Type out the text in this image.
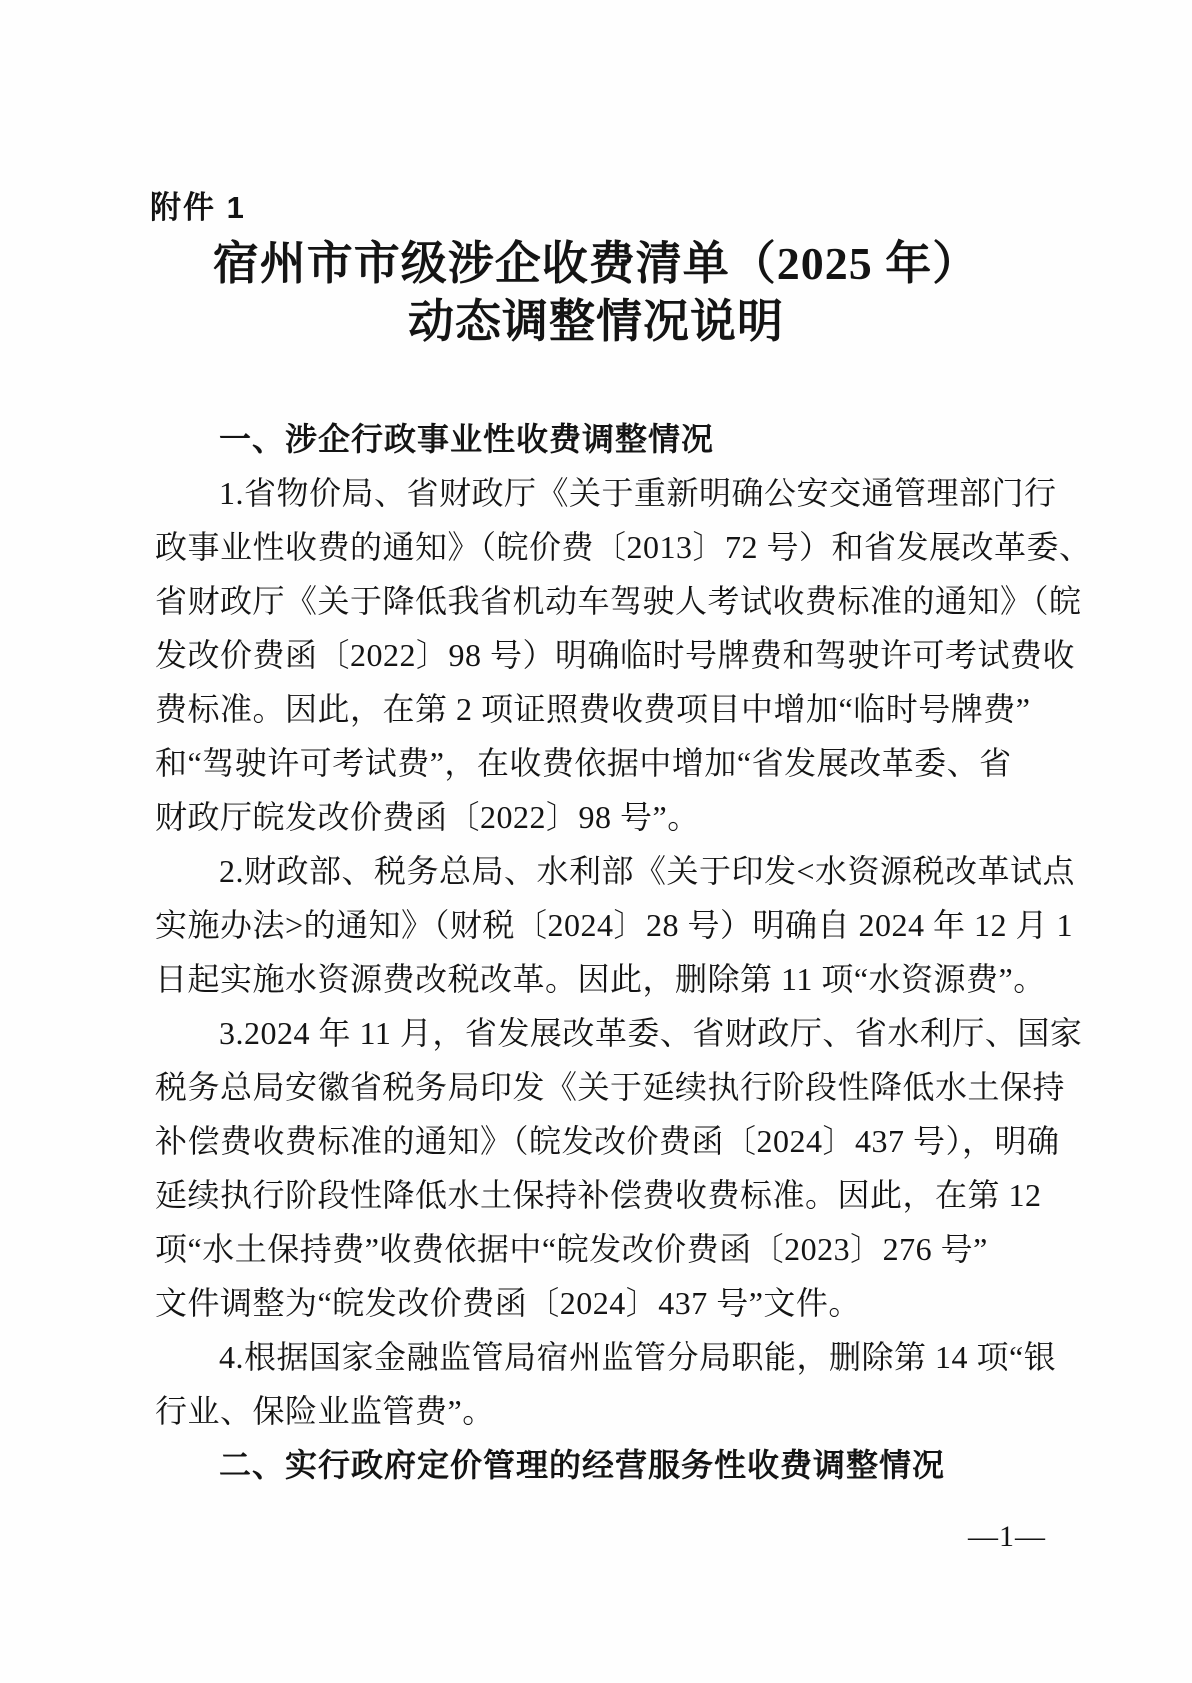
附件 1
宿州市市级涉企收费清单（2025 年）
动态调整情况说明
一、涉企行政事业性收费调整情况
1.省物价局、省财政厅《关于重新明确公安交通管理部门行
政事业性收费的通知》（皖价费〔2013〕72 号）和省发展改革委、
省财政厅《关于降低我省机动车驾驶人考试收费标准的通知》（皖
发改价费函〔2022〕98 号）明确临时号牌费和驾驶许可考试费收
费标准。因此，在第 2 项证照费收费项目中增加“临时号牌费”
和“驾驶许可考试费”，在收费依据中增加“省发展改革委、省
财政厅皖发改价费函〔2022〕98 号”。
2.财政部、税务总局、水利部《关于印发<水资源税改革试点
实施办法>的通知》（财税〔2024〕28 号）明确自 2024 年 12 月 1
日起实施水资源费改税改革。因此，删除第 11 项“水资源费”。
3.2024 年 11 月，省发展改革委、省财政厅、省水利厅、国家
税务总局安徽省税务局印发《关于延续执行阶段性降低水土保持
补偿费收费标准的通知》（皖发改价费函〔2024〕437 号），明确
延续执行阶段性降低水土保持补偿费收费标准。因此，在第 12
项“水土保持费”收费依据中“皖发改价费函〔2023〕276 号”
文件调整为“皖发改价费函〔2024〕437 号”文件。
4.根据国家金融监管局宿州监管分局职能，删除第 14 项“银
行业、保险业监管费”。
二、实行政府定价管理的经营服务性收费调整情况
—1—
